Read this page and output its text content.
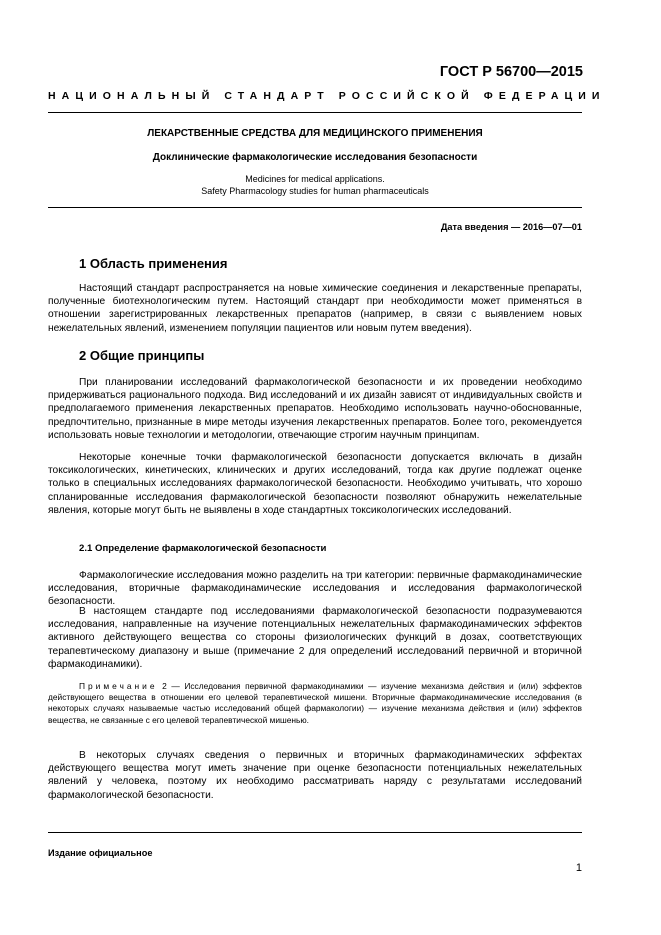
ГОСТ Р 56700—2015
НАЦИОНАЛЬНЫЙ СТАНДАРТ РОССИЙСКОЙ ФЕДЕРАЦИИ
ЛЕКАРСТВЕННЫЕ СРЕДСТВА ДЛЯ МЕДИЦИНСКОГО ПРИМЕНЕНИЯ
Доклинические фармакологические исследования безопасности
Medicines for medical applications.
Safety Pharmacology studies for human pharmaceuticals
Дата введения — 2016—07—01
1 Область применения

Настоящий стандарт распространяется на новые химические соединения и лекарственные препараты, полученные биотехнологическим путем. Настоящий стандарт при необходимости может применяться в отношении зарегистрированных лекарственных препаратов (например, в связи с выявлением новых нежелательных явлений, изменением популяции пациентов или новым путем введения).

2 Общие принципы

При планировании исследований фармакологической безопасности и их проведении необходимо придерживаться рационального подхода. Вид исследований и их дизайн зависят от индивидуальных свойств и предполагаемого применения лекарственных препаратов. Необходимо использовать научно-обоснованные, предпочтительно, признанные в мире методы изучения лекарственных препаратов. Более того, рекомендуется использовать новые технологии и методологии, отвечающие строгим научным принципам.

Некоторые конечные точки фармакологической безопасности допускается включать в дизайн токсикологических, кинетических, клинических и других исследований, тогда как другие подлежат оценке только в специальных исследованиях фармакологической безопасности. Необходимо учитывать, что хорошо спланированные исследования фармакологической безопасности позволяют обнаружить нежелательные явления, которые могут быть не выявлены в ходе стандартных токсикологических исследований.

2.1 Определение фармакологической безопасности

Фармакологические исследования можно разделить на три категории: первичные фармакодинамические исследования, вторичные фармакодинамические исследования и исследования фармакологической безопасности.

В настоящем стандарте под исследованиями фармакологической безопасности подразумеваются исследования, направленные на изучение потенциальных нежелательных фармакодинамических эффектов активного действующего вещества со стороны физиологических функций в дозах, соответствующих терапевтическому диапазону и выше (примечание 2 для определений исследований первичной и вторичной фармакодинамики).

Примечание 2 — Исследования первичной фармакодинамики — изучение механизма действия и (или) эффектов действующего вещества в отношении его целевой терапевтической мишени. Вторичные фармакодинамические исследования (в некоторых случаях называемые частью исследований общей фармакологии) — изучение механизма действия и (или) эффектов вещества, не связанные с его целевой терапевтической мишенью.

В некоторых случаях сведения о первичных и вторичных фармакодинамических эффектах действующего вещества могут иметь значение при оценке безопасности потенциальных нежелательных явлений у человека, поэтому их необходимо рассматривать наряду с результатами исследований фармакологической безопасности.

Издание официальное
1
